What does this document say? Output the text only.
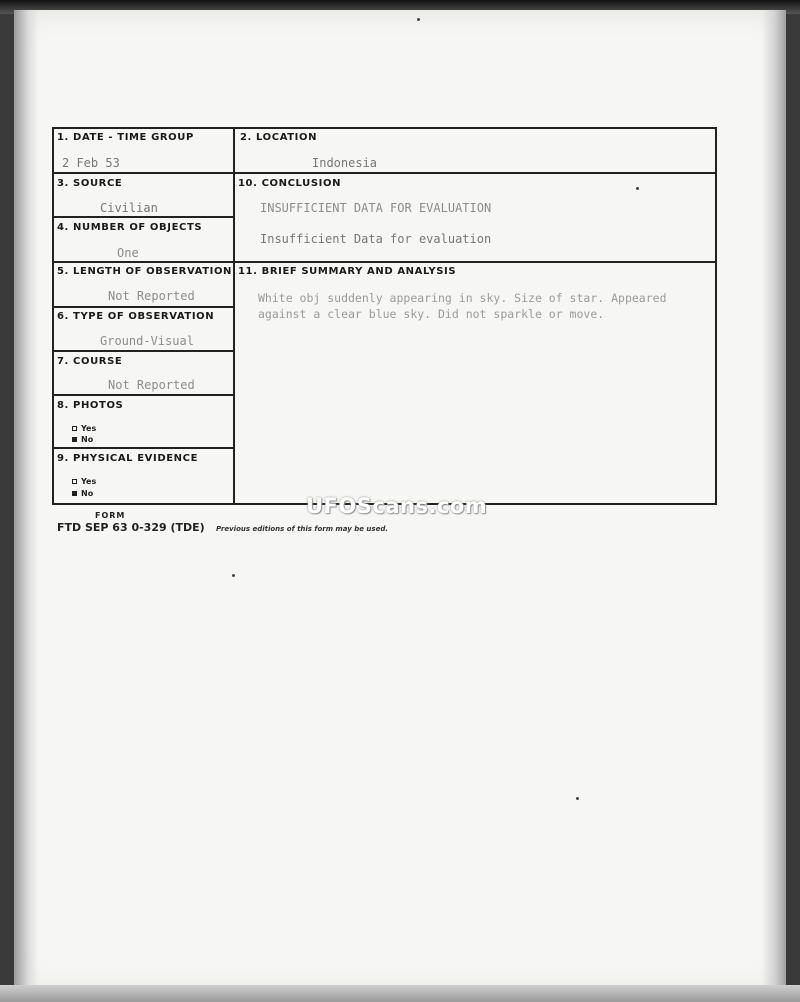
1. DATE - TIME GROUP
2 Feb 53
2. LOCATION
Indonesia
3. SOURCE
Civilian
10. CONCLUSION
INSUFFICIENT DATA FOR EVALUATION
Insufficient Data for evaluation
4. NUMBER OF OBJECTS
One
5. LENGTH OF OBSERVATION
Not Reported
11. BRIEF SUMMARY AND ANALYSIS
White obj suddenly appearing in sky. Size of star. Appeared
against a clear blue sky. Did not sparkle or move.
6. TYPE OF OBSERVATION
Ground-Visual
7. COURSE
Not Reported
8. PHOTOS
Yes
No
9. PHYSICAL EVIDENCE
Yes
No
FORM
FTD SEP 63 0-329 (TDE) Previous editions of this form may be used.
UFOScans.com
